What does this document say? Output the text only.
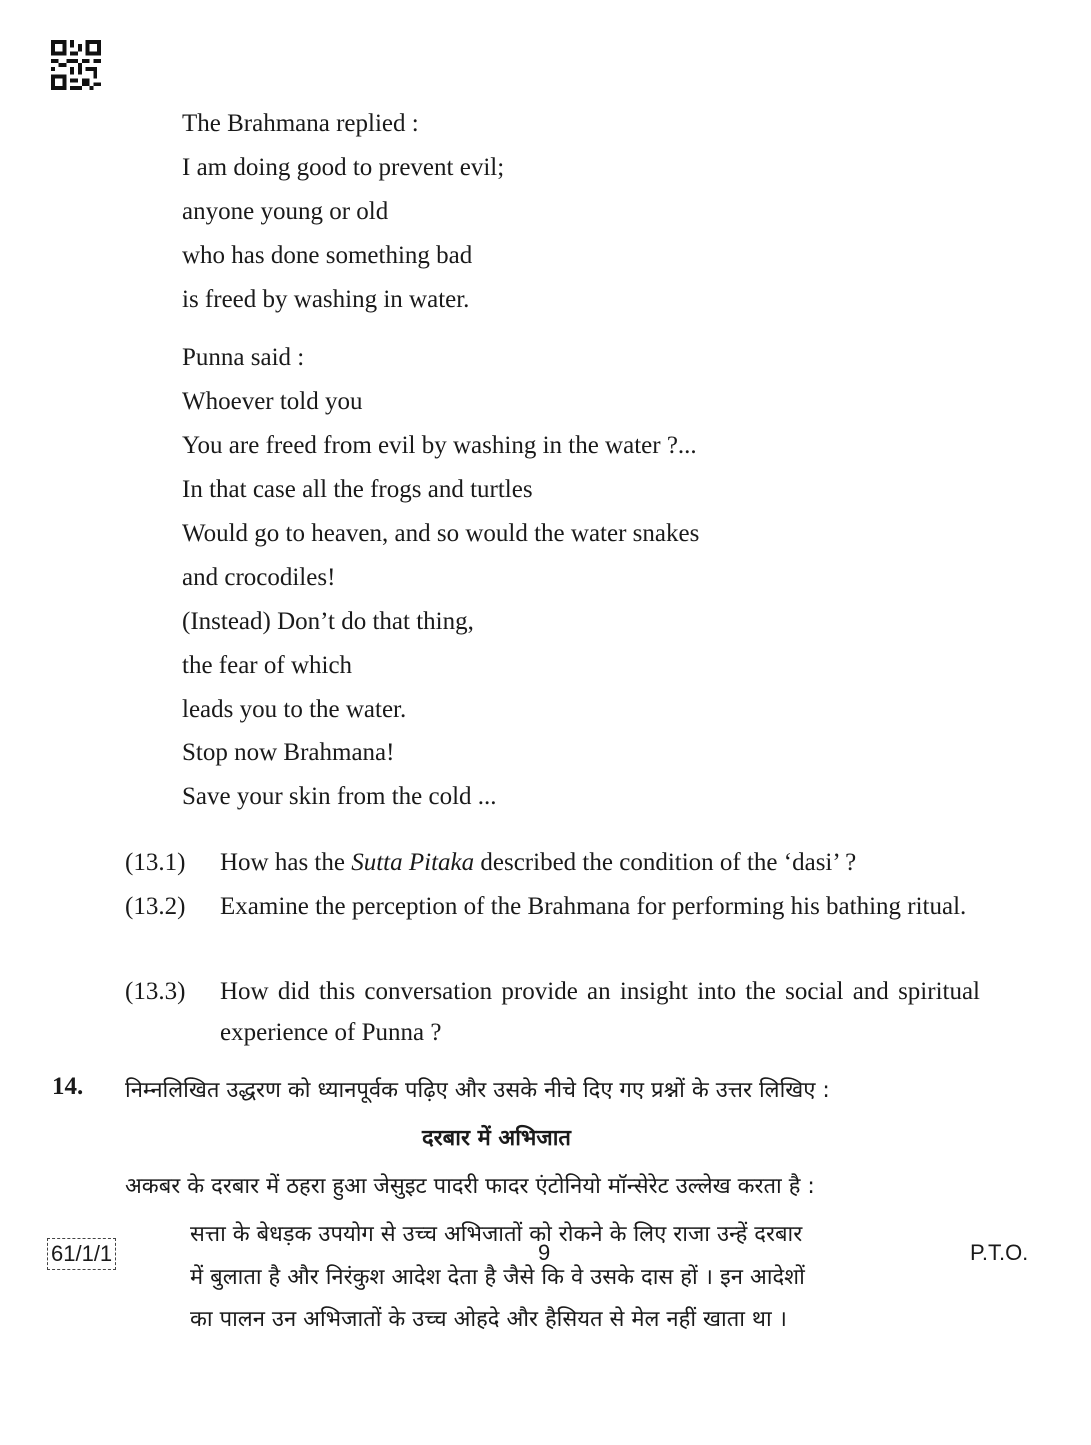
The Brahmana replied :
I am doing good to prevent evil;
anyone young or old
who has done something bad
is freed by washing in water.
Punna said :
Whoever told you
You are freed from evil by washing in the water ?...
In that case all the frogs and turtles
Would go to heaven, and so would the water snakes
and crocodiles!
(Instead) Don’t do that thing,
the fear of which
leads you to the water.
Stop now Brahmana!
Save your skin from the cold ...
(13.1) How has the Sutta Pitaka described the condition of the ‘dasi’ ?
(13.2) Examine the perception of the Brahmana for performing his bathing ritual.
(13.3) How did this conversation provide an insight into the social and spiritual experience of Punna ?
14. निम्नलिखित उद्धरण को ध्यानपूर्वक पढ़िए और उसके नीचे दिए गए प्रश्नों के उत्तर लिखिए :
दरबार में अभिजात
अकबर के दरबार में ठहरा हुआ जेसुइट पादरी फादर एंटोनियो मॉन्सेरेट उल्लेख करता है :
सत्ता के बेधड़क उपयोग से उच्च अभिजातों को रोकने के लिए राजा उन्हें दरबार
में बुलाता है और निरंकुश आदेश देता है जैसे कि वे उसके दास हों । इन आदेशों
का पालन उन अभिजातों के उच्च ओहदे और हैसियत से मेल नहीं खाता था ।
61/1/1	9	P.T.O.
